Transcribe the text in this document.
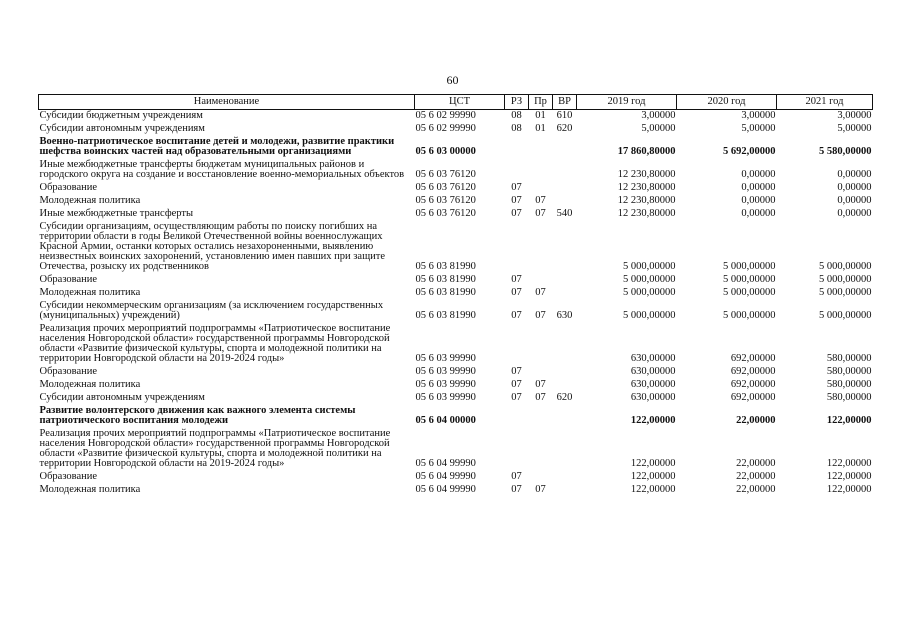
60
Наименование	ЦСТ	РЗ	Пр	ВР	2019 год	2020 год	2021 год
Субсидии бюджетным учреждениям	05 6 02 99990	08	01	610	3,00000	3,00000	3,00000
Субсидии автономным учреждениям	05 6 02 99990	08	01	620	5,00000	5,00000	5,00000
Военно-патриотическое воспитание детей и молодежи, развитие практики шефства воинских частей над образовательными организациями	05 6 03 00000				17 860,80000	5 692,00000	5 580,00000
Иные межбюджетные трансферты бюджетам муниципальных районов и городского округа на создание и восстановление военно-мемориальных объектов	05 6 03 76120				12 230,80000	0,00000	0,00000
Образование	05 6 03 76120	07			12 230,80000	0,00000	0,00000
Молодежная политика	05 6 03 76120	07	07		12 230,80000	0,00000	0,00000
Иные межбюджетные трансферты	05 6 03 76120	07	07	540	12 230,80000	0,00000	0,00000
Субсидии организациям, осуществляющим работы по поиску погибших на территории области в годы Великой Отечественной войны военнослужащих Красной Армии, останки которых остались незахороненными, выявлению неизвестных воинских захоронений, установлению имен павших при защите Отечества, розыску их родственников	05 6 03 81990				5 000,00000	5 000,00000	5 000,00000
Образование	05 6 03 81990	07			5 000,00000	5 000,00000	5 000,00000
Молодежная политика	05 6 03 81990	07	07		5 000,00000	5 000,00000	5 000,00000
Субсидии некоммерческим организациям (за исключением государственных (муниципальных) учреждений)	05 6 03 81990	07	07	630	5 000,00000	5 000,00000	5 000,00000
Реализация прочих мероприятий подпрограммы «Патриотическое воспитание населения Новгородской области» государственной программы Новгородской области «Развитие физической культуры, спорта и молодежной политики на территории Новгородской области на 2019-2024 годы»	05 6 03 99990				630,00000	692,00000	580,00000
Образование	05 6 03 99990	07			630,00000	692,00000	580,00000
Молодежная политика	05 6 03 99990	07	07		630,00000	692,00000	580,00000
Субсидии автономным учреждениям	05 6 03 99990	07	07	620	630,00000	692,00000	580,00000
Развитие волонтерского движения как важного элемента системы патриотического воспитания молодежи	05 6 04 00000				122,00000	22,00000	122,00000
Реализация прочих мероприятий подпрограммы «Патриотическое воспитание населения Новгородской области» государственной программы Новгородской области «Развитие физической культуры, спорта и молодежной политики на территории Новгородской области на 2019-2024 годы»	05 6 04 99990				122,00000	22,00000	122,00000
Образование	05 6 04 99990	07			122,00000	22,00000	122,00000
Молодежная политика	05 6 04 99990	07	07		122,00000	22,00000	122,00000
